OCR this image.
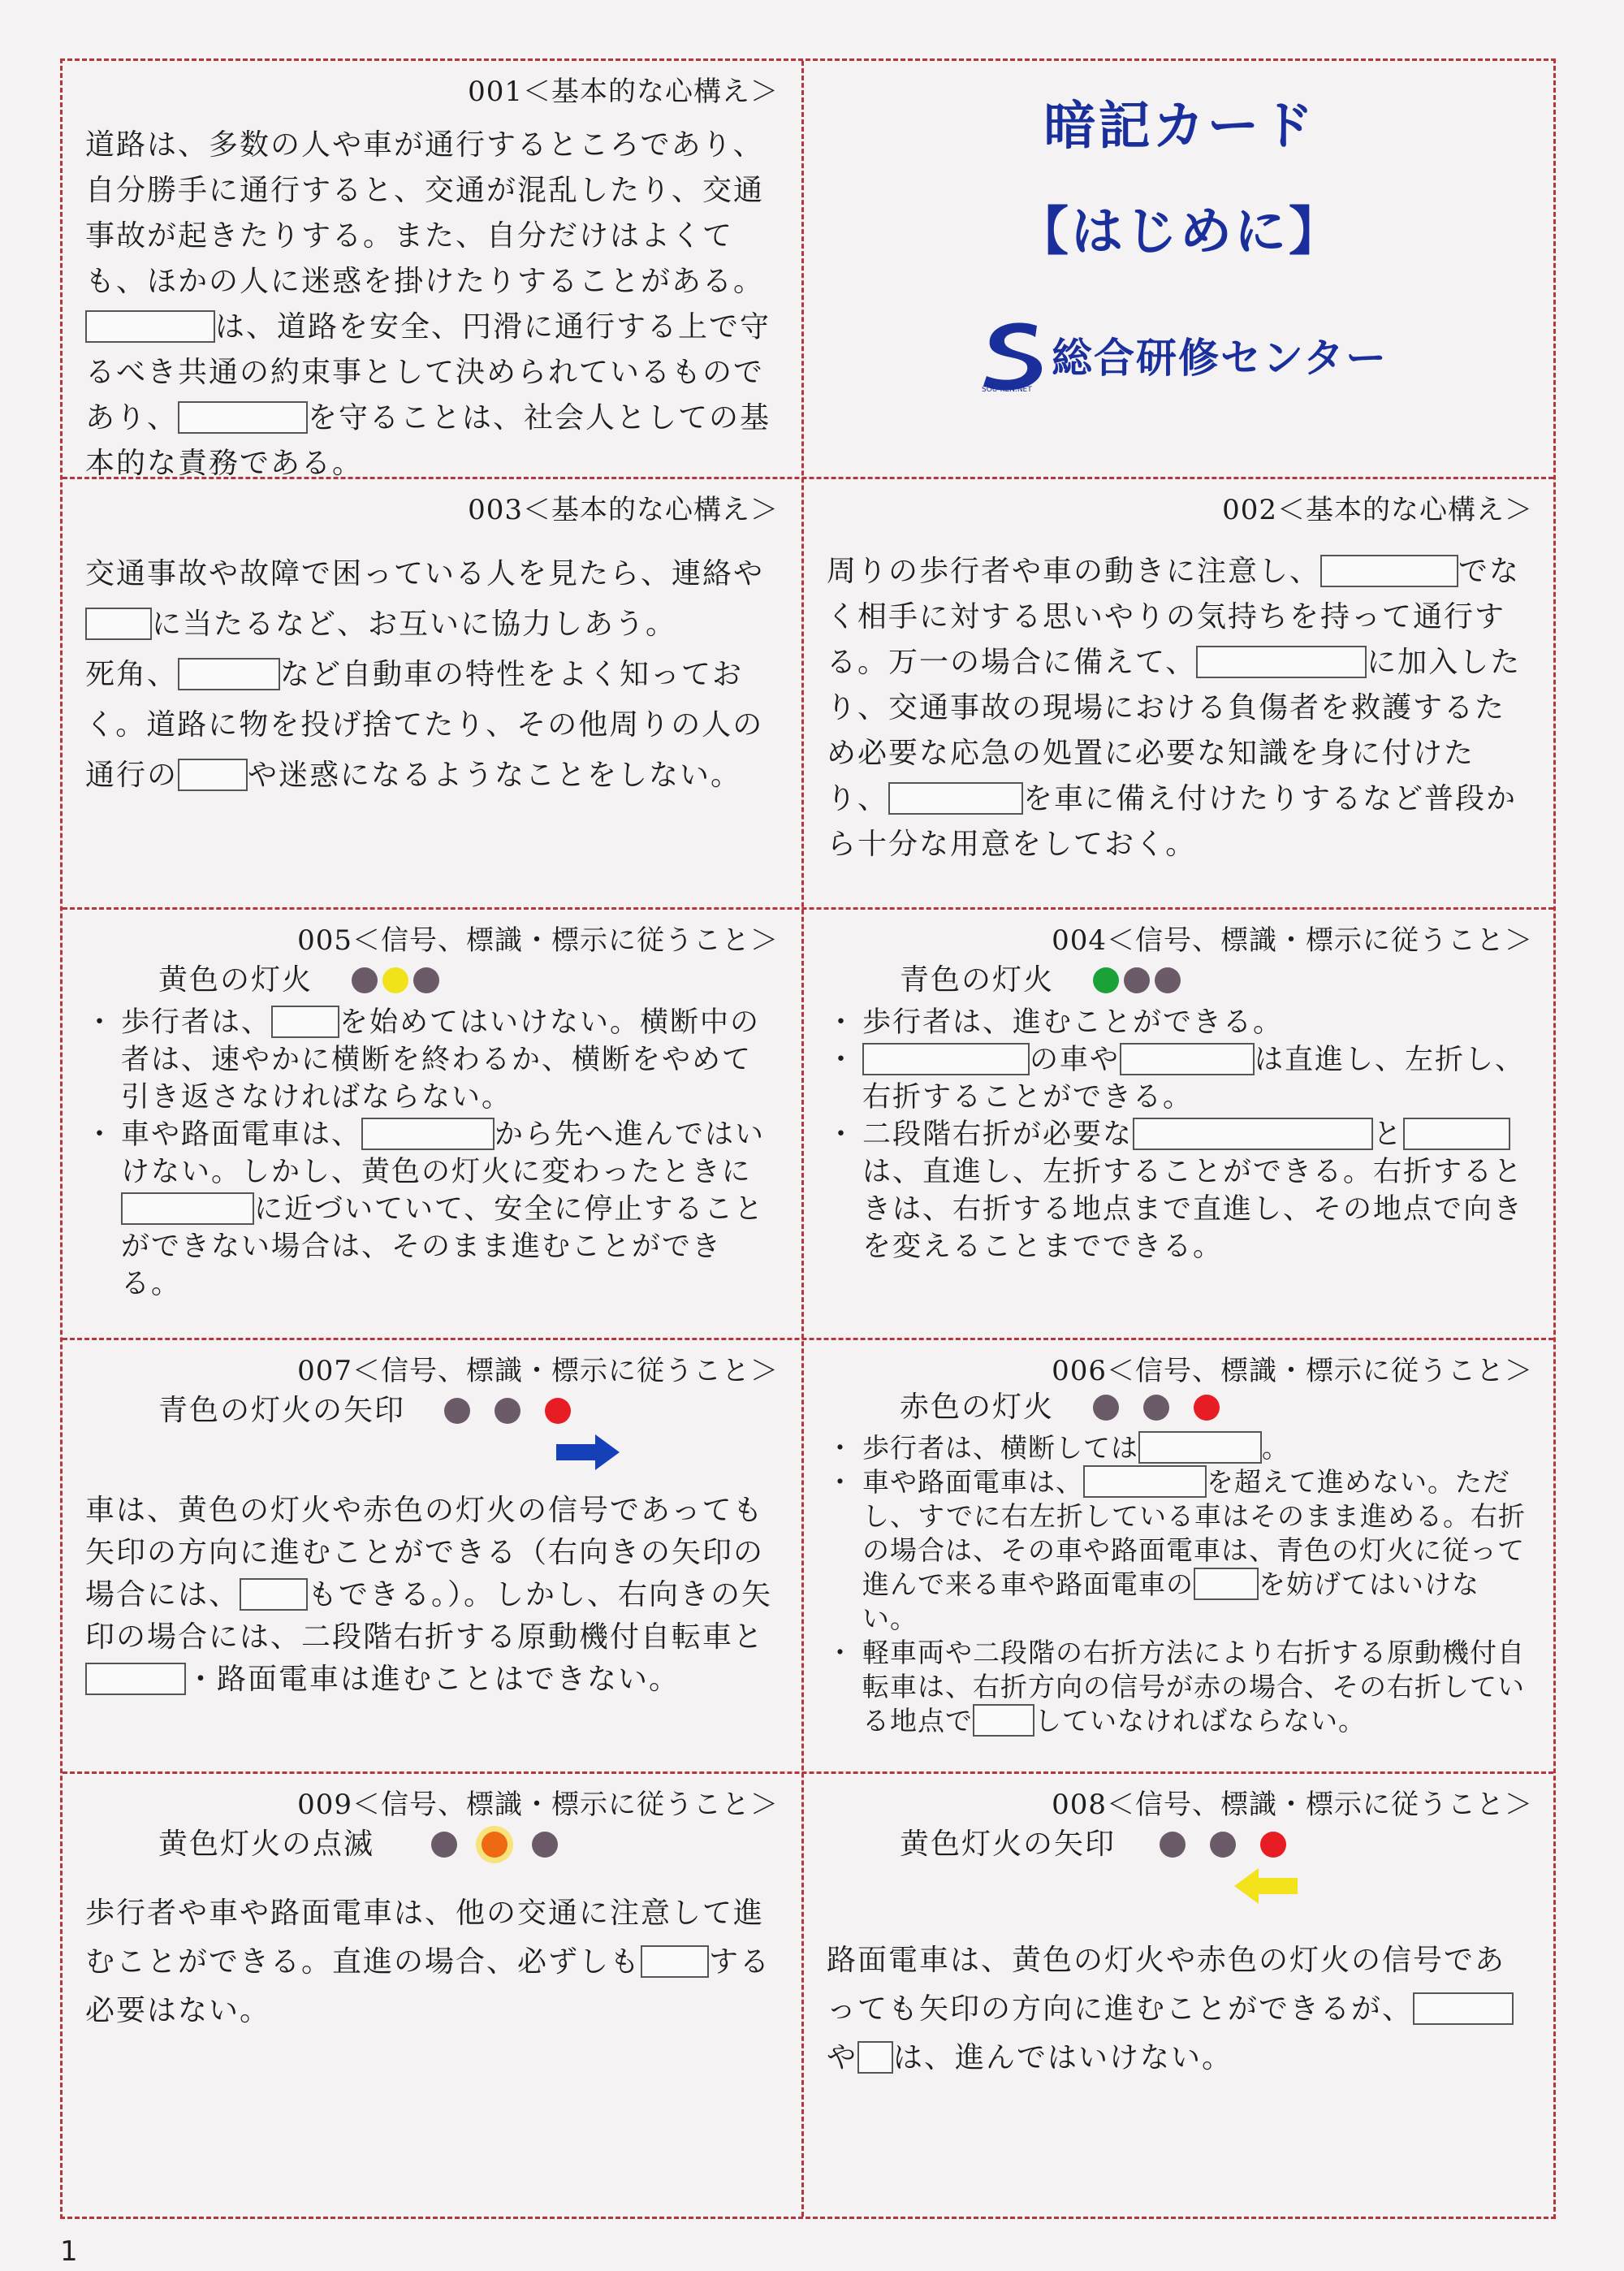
001＜基本的な心構え＞
道路は、多数の人や車が通行するところであり、自分勝手に通行すると、交通が混乱したり、交通事故が起きたりする。また、自分だけはよくても、ほかの人に迷惑を掛けたりすることがある。は、道路を安全、円滑に通行する上で守るべき共通の約束事として決められているものであり、	を守ることは、社会人としての基本的な責務である。
暗記カード
【はじめに】
SOU-KEN.NET
総合研修センター
003＜基本的な心構え＞
交通事故や故障で困っている人を見たら、連絡やに当たるなど、お互いに協力しあう。
死角、	など自動車の特性をよく知っておく。道路に物を投げ捨てたり、その他周りの人の通行の や迷惑になるようなことをしない。
002＜基本的な心構え＞
周りの歩行者や車の動きに注意し、	でなく相手に対する思いやりの気持ちを持って通行する。万一の場合に備えて、	に加入したり、交通事故の現場における負傷者を救護するため必要な応急の処置に必要な知識を身に付けたり、	を車に備え付けたりするなど普段から十分な用意をしておく。
005＜信号、標識・標示に従うこと＞
黄色の灯火
・ 歩行者は、 を始めてはいけない。横断中の者は、速やかに横断を終わるか、横断をやめて引き返さなければならない。
・ 車や路面電車は、	から先へ進んではいけない。しかし、黄色の灯火に変わったときにに近づいていて、安全に停止することができない場合は、そのまま進むことができる。
004＜信号、標識・標示に従うこと＞
青色の灯火
・ 歩行者は、進むことができる。
・ の車や	は直進し、左折し、右折することができる。
・ 二段階右折が必要な	とは、直進し、左折することができる。右折するときは、右折する地点まで直進し、その地点で向きを変えることまでできる。
007＜信号、標識・標示に従うこと＞
青色の灯火の矢印
車は、黄色の灯火や赤色の灯火の信号であっても矢印の方向に進むことができる（右向きの矢印の場合には、 もできる。）。しかし、右向きの矢印の場合には、二段階右折する原動機付自転車と・路面電車は進むことはできない。
006＜信号、標識・標示に従うこと＞
赤色の灯火
・ 歩行者は、横断しては	。
・ 車や路面電車は、	を超えて進めない。ただし、すでに右左折している車はそのまま進める。右折の場合は、その車や路面電車は、青色の灯火に従って進んで来る車や路面電車の を妨げてはいけない。
・ 軽車両や二段階の右折方法により右折する原動機付自転車は、右折方向の信号が赤の場合、その右折している地点で していなければならない。
009＜信号、標識・標示に従うこと＞
黄色灯火の点滅
歩行者や車や路面電車は、他の交通に注意して進むことができる。直進の場合、必ずしも する必要はない。
008＜信号、標識・標示に従うこと＞
黄色灯火の矢印
路面電車は、黄色の灯火や赤色の灯火の信号であっても矢印の方向に進むことができるが、や は、進んではいけない。
1
